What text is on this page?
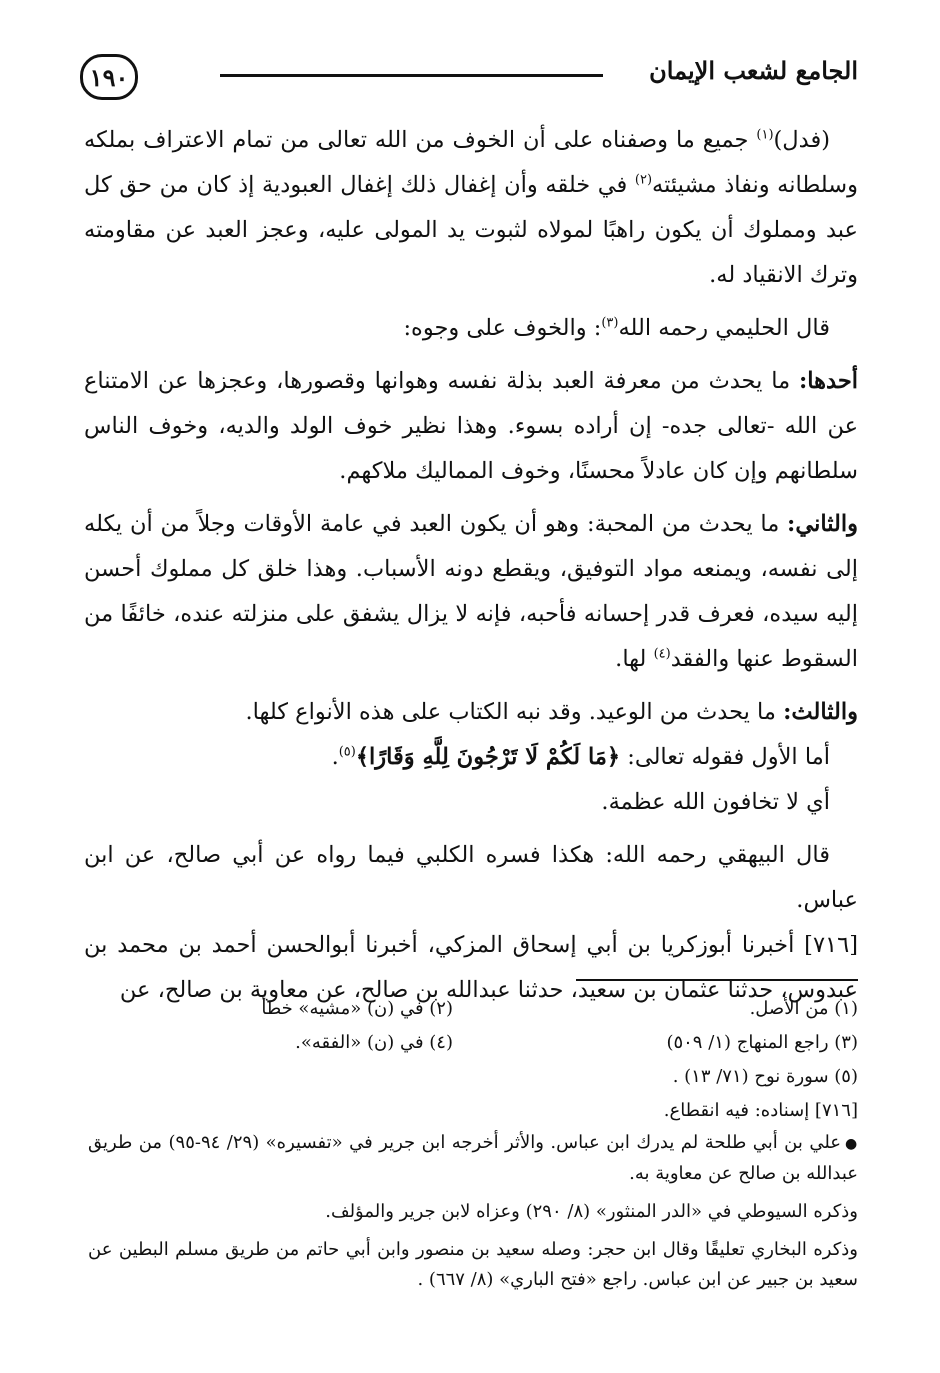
١٩٠	الجامع لشعب الإيمان

(فدل)$^{(١)}$ جميع ما وصفناه على أن الخوف من الله تعالى من تمام الاعتراف بملكه وسلطانه ونفاذ مشيئته$^{(٢)}$ في خلقه وأن إغفال ذلك إغفال العبودية إذ كان من حق كل عبد ومملوك أن يكون راهبًا لمولاه لثبوت يد المولى عليه، وعجز العبد عن مقاومته وترك الانقياد له.

قال الحليمي رحمه الله$^{(٣)}$: والخوف على وجوه:

أحدها: ما يحدث من معرفة العبد بذلة نفسه وهوانها وقصورها، وعجزها عن الامتناع عن الله -تعالى جده- إن أراده بسوء. وهذا نظير خوف الولد والديه، وخوف الناس سلطانهم وإن كان عادلاً محسنًا، وخوف المماليك ملاكهم.

والثاني: ما يحدث من المحبة: وهو أن يكون العبد في عامة الأوقات وجلاً من أن يكله إلى نفسه، ويمنعه مواد التوفيق، ويقطع دونه الأسباب. وهذا خلق كل مملوك أحسن إليه سيده، فعرف قدر إحسانه فأحبه، فإنه لا يزال يشفق على منزلته عنده، خائفًا من السقوط عنها والفقد$^{(٤)}$ لها.

والثالث: ما يحدث من الوعيد. وقد نبه الكتاب على هذه الأنواع كلها.

أما الأول فقوله تعالى: ﴿مَا لَكُمْ لَا تَرْجُونَ لِلَّهِ وَقَارًا﴾$^{(٥)}$.

أي لا تخافون الله عظمة.

قال البيهقي رحمه الله: هكذا فسره الكلبي فيما رواه عن أبي صالح، عن ابن عباس.

[٧١٦] أخبرنا أبوزكريا بن أبي إسحاق المزكي، أخبرنا أبوالحسن أحمد بن محمد بن عبدوس، حدثنا عثمان بن سعيد، حدثنا عبدالله بن صالح، عن معاوية بن صالح، عن

(١) من الأصل.
(٢) في (ن) «مشيه» خطأ
(٣) راجع المنهاج (١/ ٥٠٩)
(٤) في (ن) «الفقه».
(٥) سورة نوح (٧١/ ١٣) .
[٧١٦] إسناده: فيه انقطاع.

●علي بن أبي طلحة لم يدرك ابن عباس. والأثر أخرجه ابن جرير في «تفسيره» (٢٩/ ٩٤-٩٥) من طريق عبدالله بن صالح عن معاوية به.

وذكره السيوطي في «الدر المنثور» (٨/ ٢٩٠) وعزاه لابن جرير والمؤلف.

وذكره البخاري تعليقًا وقال ابن حجر: وصله سعيد بن منصور وابن أبي حاتم من طريق مسلم البطين عن سعيد بن جبير عن ابن عباس. راجع «فتح الباري» (٨/ ٦٦٧) .
